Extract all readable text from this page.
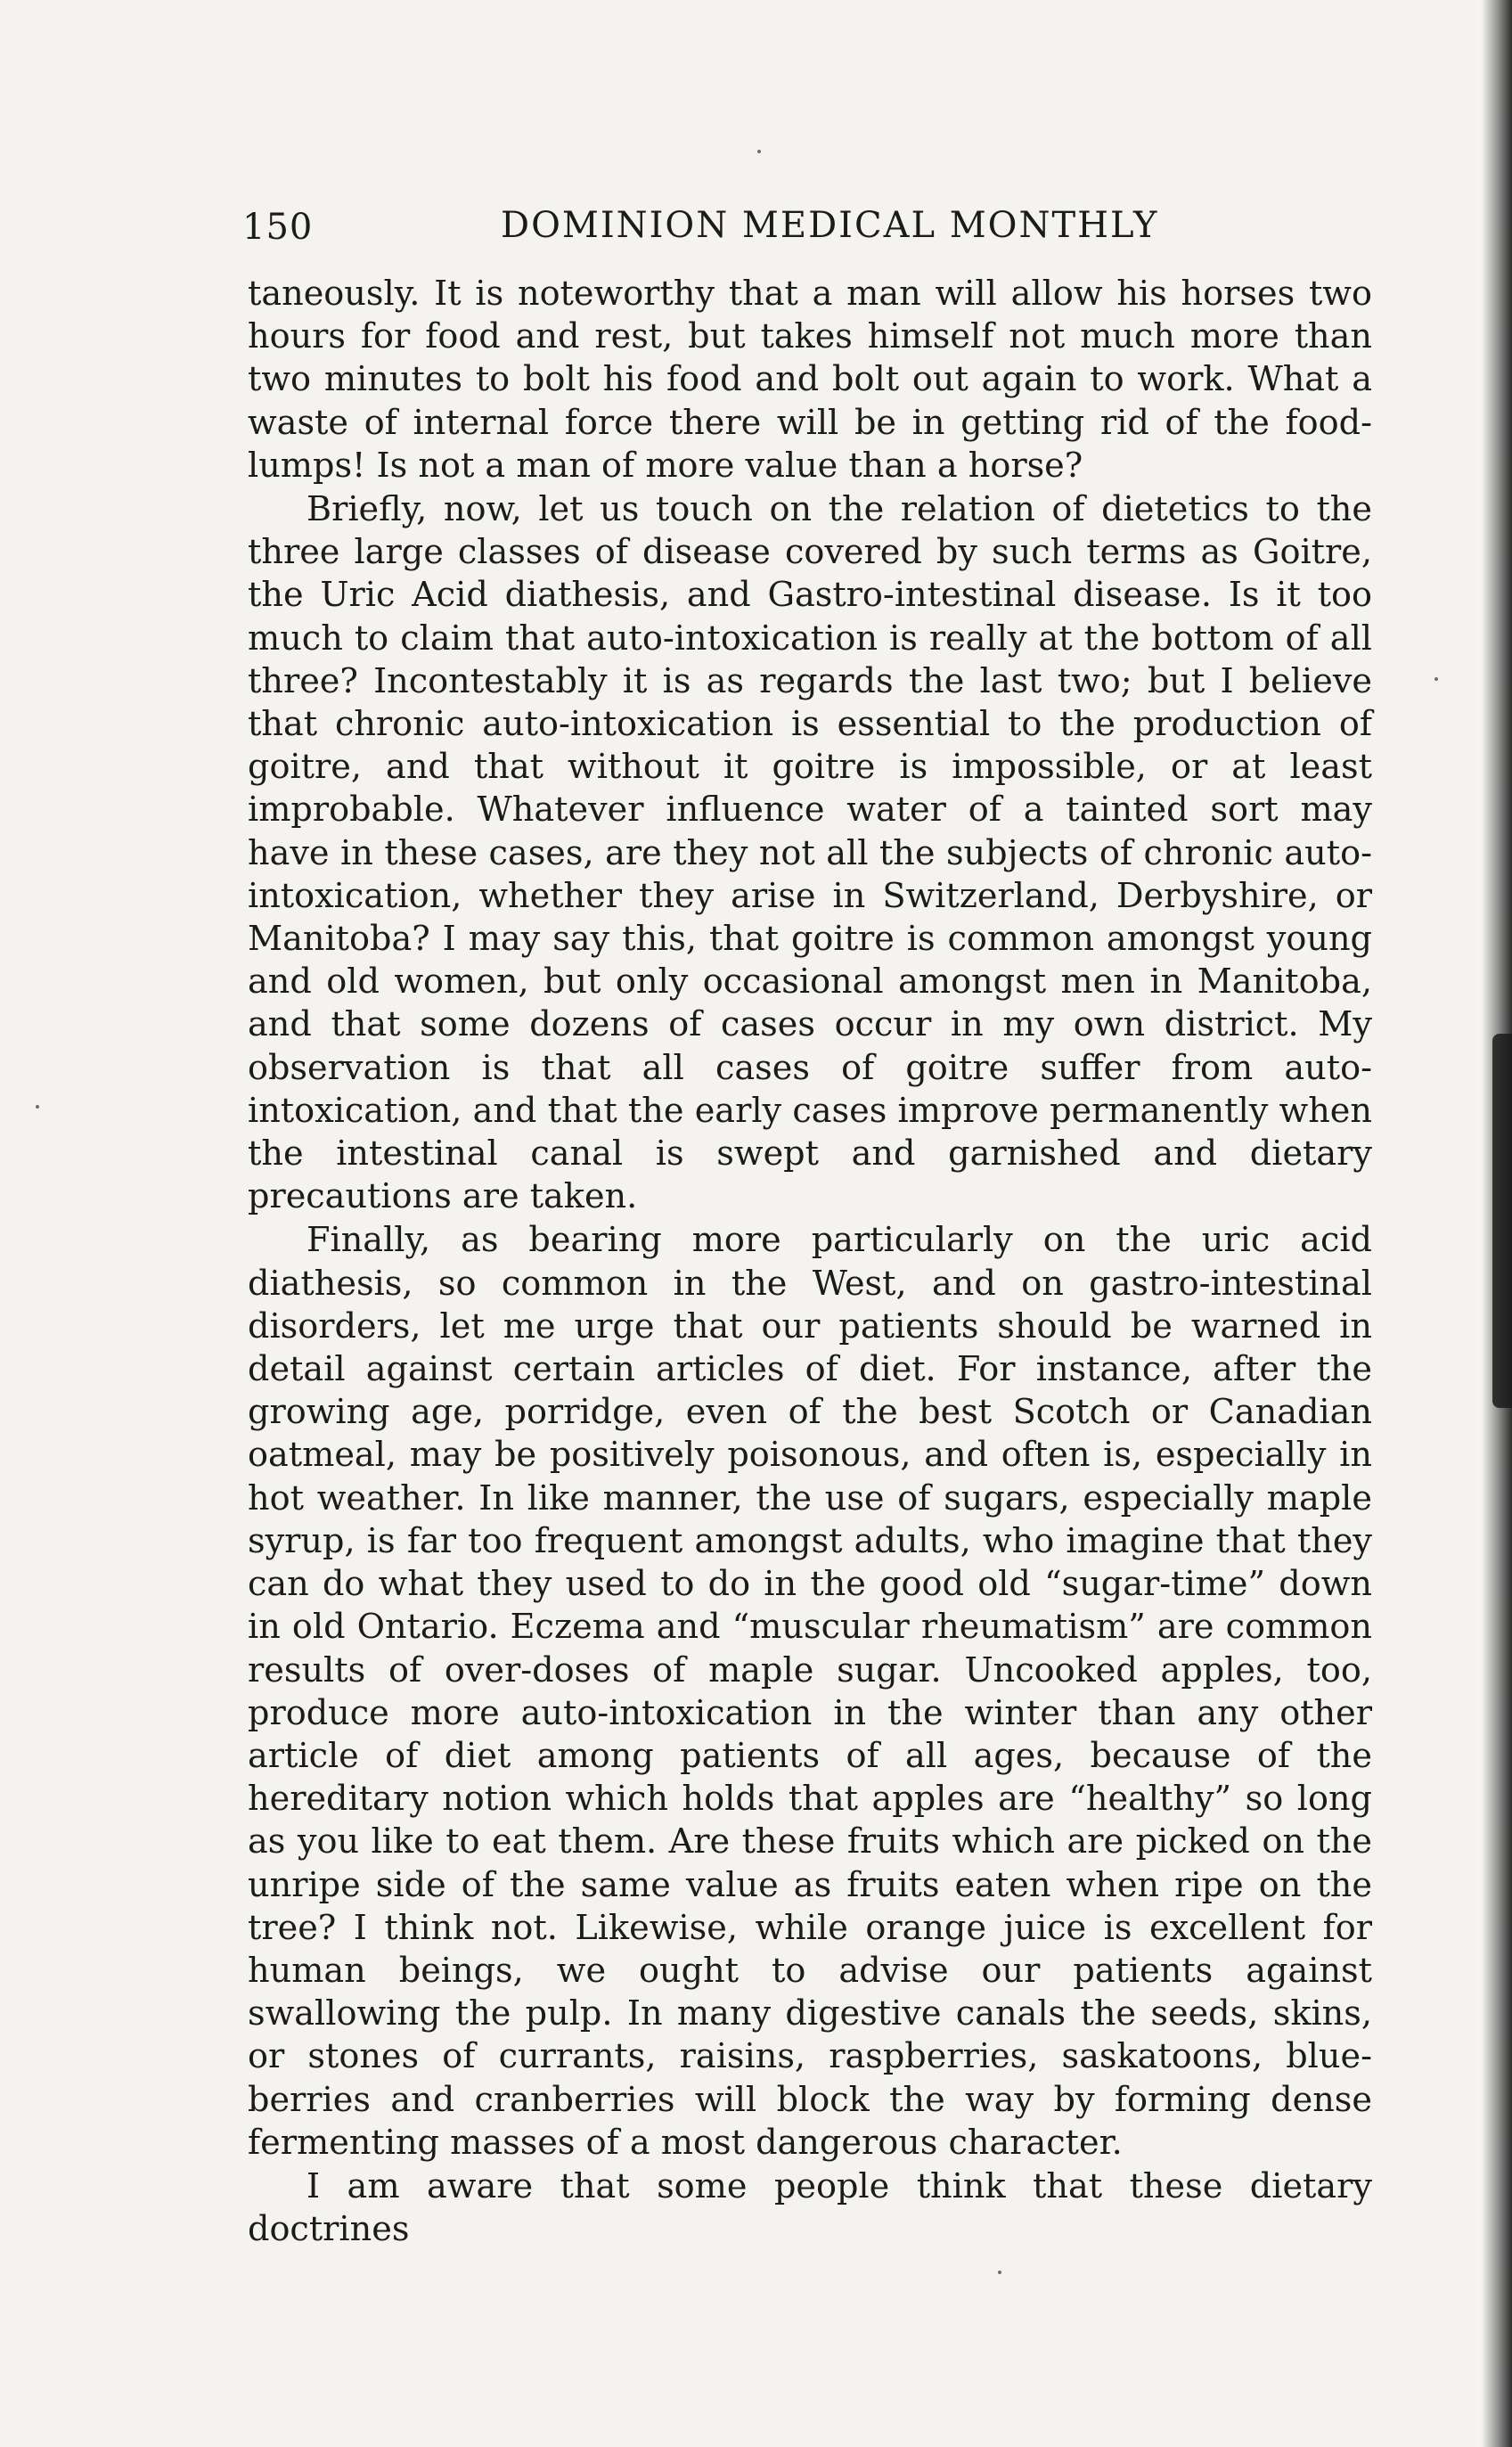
150	DOMINION MEDICAL MONTHLY

taneously. It is noteworthy that a man will allow his horses two hours for food and rest, but takes himself not much more than two minutes to bolt his food and bolt out again to work. What a waste of internal force there will be in getting rid of the food-lumps! Is not a man of more value than a horse?

Briefly, now, let us touch on the relation of dietetics to the three large classes of disease covered by such terms as Goitre, the Uric Acid diathesis, and Gastro-intestinal disease. Is it too much to claim that auto-intoxication is really at the bottom of all three? Incontestably it is as regards the last two; but I believe that chronic auto-intoxication is essential to the production of goitre, and that without it goitre is impossible, or at least improbable. Whatever influence water of a tainted sort may have in these cases, are they not all the subjects of chronic auto-intoxication, whether they arise in Switzerland, Derbyshire, or Manitoba? I may say this, that goitre is common amongst young and old women, but only occasional amongst men in Manitoba, and that some dozens of cases occur in my own district. My observation is that all cases of goitre suffer from auto-intoxication, and that the early cases improve permanently when the intestinal canal is swept and garnished and dietary precautions are taken.

Finally, as bearing more particularly on the uric acid diathesis, so common in the West, and on gastro-intestinal disorders, let me urge that our patients should be warned in detail against certain articles of diet. For instance, after the growing age, porridge, even of the best Scotch or Canadian oatmeal, may be positively poisonous, and often is, especially in hot weather. In like manner, the use of sugars, especially maple syrup, is far too frequent amongst adults, who imagine that they can do what they used to do in the good old “sugar-time” down in old Ontario. Eczema and “muscular rheumatism” are common results of over-doses of maple sugar. Uncooked apples, too, produce more auto-intoxication in the winter than any other article of diet among patients of all ages, because of the hereditary notion which holds that apples are “healthy” so long as you like to eat them. Are these fruits which are picked on the unripe side of the same value as fruits eaten when ripe on the tree? I think not. Likewise, while orange juice is excellent for human beings, we ought to advise our patients against swallowing the pulp. In many digestive canals the seeds, skins, or stones of currants, raisins, raspberries, saskatoons, blue-berries and cranberries will block the way by forming dense fermenting masses of a most dangerous character.

I am aware that some people think that these dietary doctrines
